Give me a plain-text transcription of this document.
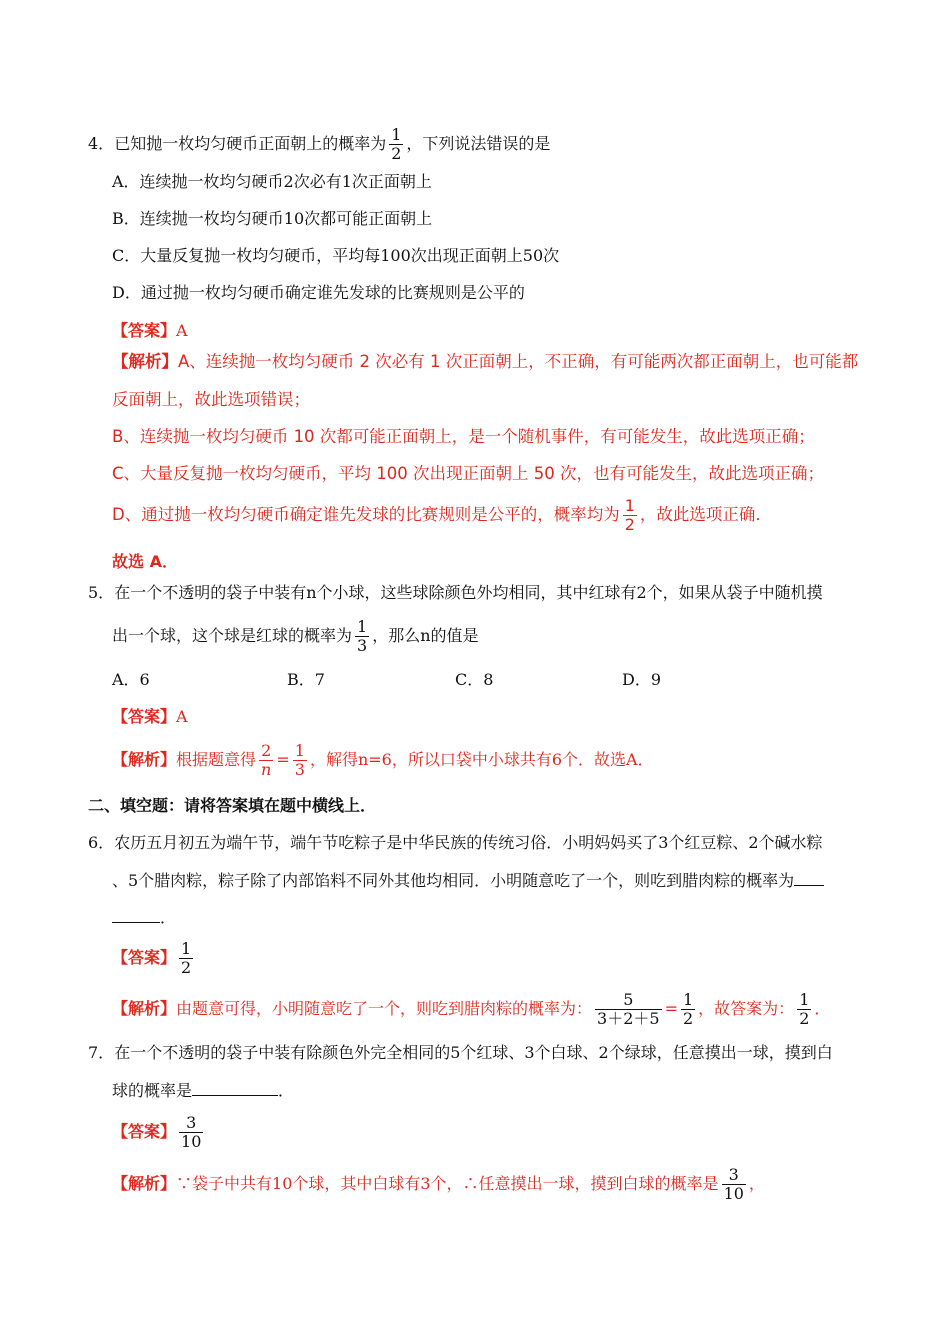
4．已知抛一枚均匀硬币正面朝上的概率为 $\frac{1}{2}$ ，下列说法错误的是
A．连续抛一枚均匀硬币2次必有1次正面朝上
B．连续抛一枚均匀硬币10次都可能正面朝上
C．大量反复抛一枚均匀硬币，平均每100次出现正面朝上50次
D．通过抛一枚均匀硬币确定谁先发球的比赛规则是公平的
【答案】A
【解析】A、连续抛一枚均匀硬币 2 次必有 1 次正面朝上，不正确，有可能两次都正面朝上，也可能都
反面朝上，故此选项错误；
B、连续抛一枚均匀硬币 10 次都可能正面朝上，是一个随机事件，有可能发生，故此选项正确；
C、大量反复抛一枚均匀硬币，平均 100 次出现正面朝上 50 次，也有可能发生，故此选项正确；
D、通过抛一枚均匀硬币确定谁先发球的比赛规则是公平的，概率均为 $\frac{1}{2}$ ，故此选项正确．
故选 A．
5．在一个不透明的袋子中装有n个小球，这些球除颜色外均相同，其中红球有2个，如果从袋子中随机摸
出一个球，这个球是红球的概率为 $\frac{1}{3}$ ，那么n的值是
A．6	B．7	C．8	D．9
【答案】A
【解析】根据题意得 $\frac{2}{n} = \frac{1}{3}$ ，解得n=6，所以口袋中小球共有6个．故选A．
二、填空题：请将答案填在题中横线上．
6．农历五月初五为端午节，端午节吃粽子是中华民族的传统习俗．小明妈妈买了3个红豆粽、2个碱水粽
、5个腊肉粽，粽子除了内部馅料不同外其他均相同．小明随意吃了一个，则吃到腊肉粽的概率为
．
【答案】 $\frac{1}{2}$
【解析】由题意可得，小明随意吃了一个，则吃到腊肉粽的概率为： $\frac{5}{3+2+5} = \frac{1}{2}$ ，故答案为： $\frac{1}{2}$ ．
7．在一个不透明的袋子中装有除颜色外完全相同的5个红球、3个白球、2个绿球，任意摸出一球，摸到白
球的概率是	．
【答案】 $\frac{3}{10}$
【解析】∵袋子中共有10个球，其中白球有3个，∴任意摸出一球，摸到白球的概率是 $\frac{3}{10}$ ，
